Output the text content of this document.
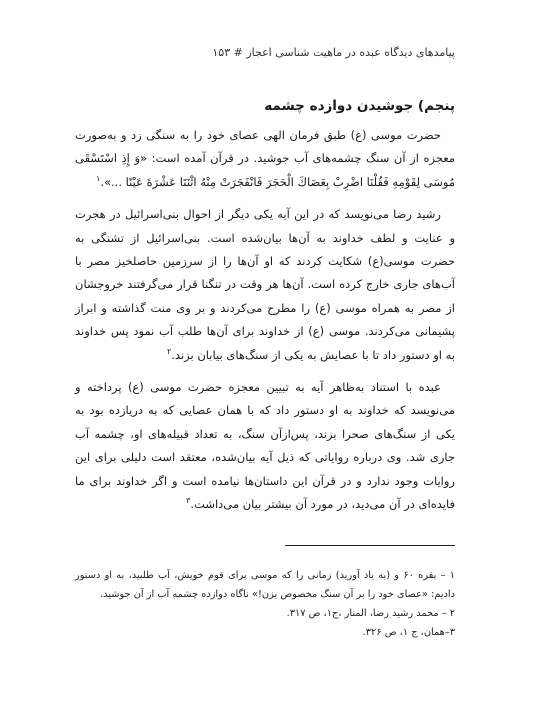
پیامدهای دیدگاه عبده در ماهیت شناسی اعجاز # ۱۵۳
پنجم) جوشیدن دوازده چشمه

حضرت موسی (ع) طبق فرمان الهی عصای خود را به سنگی زد و به‌صورت معجزه از آن سنگ چشمه‌های آب جوشید. در قرآن آمده است: «وَ إِذِ اسْتَسْقَى مُوسَى لِقَوْمِهِ فَقُلْنَا اضْرِبْ بِعَصَاكَ الْحَجَرَ فَانْفَجَرَتْ مِنْهُ اثْنَتَا عَشْرَةَ عَيْنًا ...».$^۱$

رشید رضا می‌نویسد که در این آیه یکی دیگر از احوال بنی‌اسرائیل در هجرت و عنایت و لطف خداوند به آن‌ها بیان‌شده است. بنی‌اسرائیل از تشنگی به حضرت موسی(ع) شکایت کردند که او آن‌ها را از سرزمین حاصلخیز مصر با آب‌های جاری خارج کرده است. آن‌ها هر وقت در تنگنا قرار می‌گرفتند خروجشان از مصر به همراه موسی (ع) را مطرح می‌کردند و بر وی منت گذاشته و ابراز پشیمانی می‌کردند. موسی (ع) از خداوند برای آن‌ها طلب آب نمود پس خداوند به او دستور داد تا با عصایش به یکی از سنگ‌های بیابان بزند.$^۲$

عبده با استناد به‌ظاهر آیه به تبیین معجزه حضرت موسی (ع) پرداخته و می‌نویسد که خداوند به او دستور داد که با همان عصایی که به دریازده بود به یکی از سنگ‌های صحرا بزند، پس‌ازآن سنگ، به تعداد قبیله‌های او، چشمه آب جاری شد. وی درباره روایاتی که ذیل آیه بیان‌شده، معتقد است دلیلی برای این روایات وجود ندارد و در قرآن این داستان‌ها نیامده است و اگر خداوند برای ما فایده‌ای در آن می‌دید، در مورد آن بیشتر بیان می‌داشت.$^۳$

۱ – بقره ۶۰ و (به یاد آورید) زمانی را که موسی برای قوم خویش، آب طلبید، به او دستور دادیم: «عصای خود را بر آن سنگ مخصوص بزن!» ناگاه دوازده چشمه آب از آن جوشید.
۲ – محمد رشید رضا، المنار ،ج۱، ص ۳۱۷.
۳–همان، ج ۱، ص ۳۲۶.
